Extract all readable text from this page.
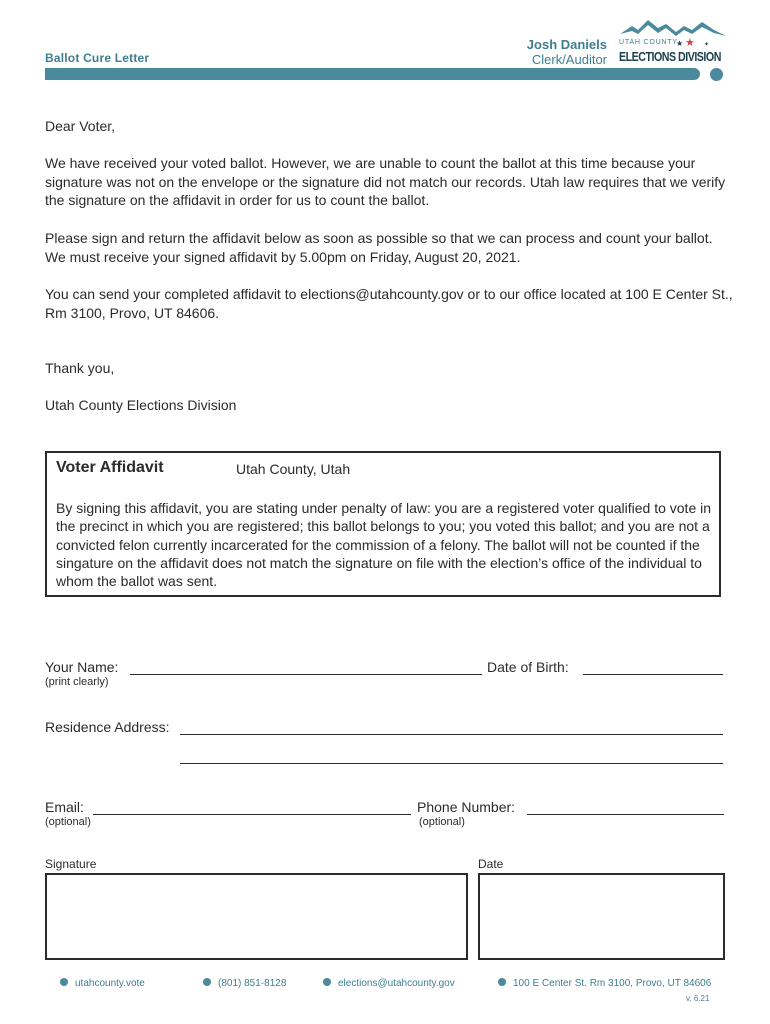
Ballot Cure Letter
Josh Daniels
Clerk/Auditor
★
★	✦
UTAH COUNTY
ELECTIONS DIVISION
Dear Voter,
We have received your voted ballot. However, we are unable to count the ballot at this time because your signature was not on the envelope or the signature did not match our records. Utah law requires that we verify the signature on the affidavit in order for us to count the ballot.
Please sign and return the affidavit below as soon as possible so that we can process and count your ballot. We must receive your signed affidavit by 5.00pm on Friday, August 20, 2021.
You can send your completed affidavit to elections@utahcounty.gov or to our office located at 100 E Center St., Rm 3100, Provo, UT 84606.
Thank you,
Utah County Elections Division
Voter Affidavit	Utah County, Utah
By signing this affidavit, you are stating under penalty of law: you are a registered voter qualified to vote in the precinct in which you are registered; this ballot belongs to you; you voted this ballot; and you are not a convicted felon currently incarcerated for the commission of a felony. The ballot will not be counted if the singature on the affidavit does not match the signature on file with the election’s office of the individual to whom the ballot was sent.
Your Name:
(print clearly)
Date of Birth:
Residence Address:
Email:
(optional)
Phone Number:
(optional)
Signature	Date
utahcounty.vote	(801) 851-8128	elections@utahcounty.gov	100 E Center St. Rm 3100, Provo, UT 84606
v. 6.21
